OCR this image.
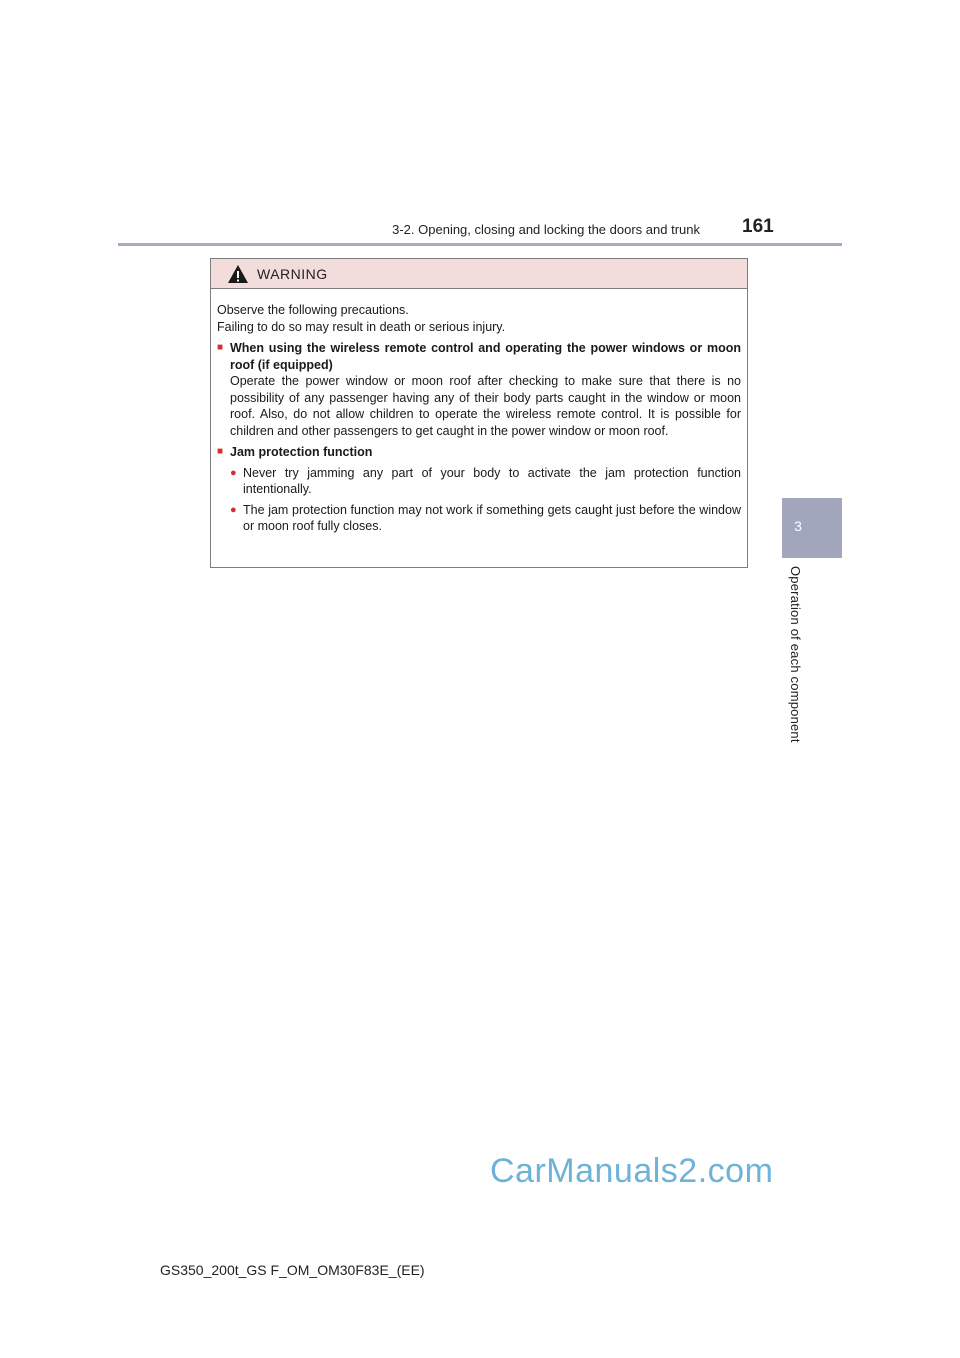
3-2. Opening, closing and locking the doors and trunk 161
3
Operation of each component
WARNING

Observe the following precautions.

Failing to do so may result in death or serious injury.

■ When using the wireless remote control and operating the power windows or moon roof (if equipped)

Operate the power window or moon roof after checking to make sure that there is no possibility of any passenger having any of their body parts caught in the window or moon roof. Also, do not allow children to operate the wireless remote control. It is possible for children and other passengers to get caught in the power window or moon roof.

■ Jam protection function
● Never try jamming any part of your body to activate the jam protection function intentionally.
● The jam protection function may not work if something gets caught just before the window or moon roof fully closes.
CarManuals2.com
GS350_200t_GS F_OM_OM30F83E_(EE)
